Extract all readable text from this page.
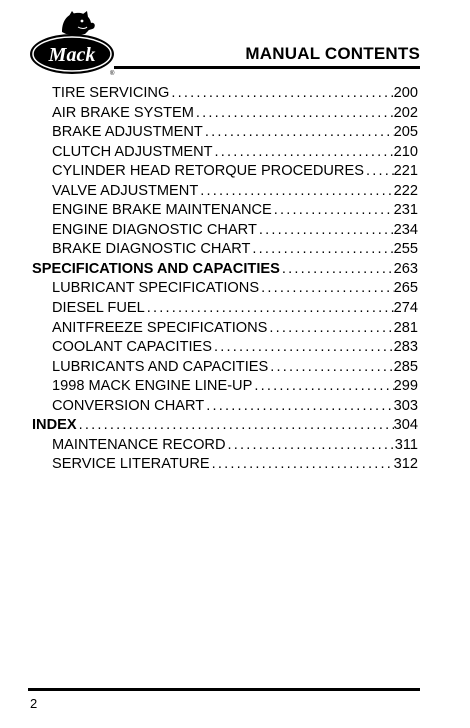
Mack
®
MANUAL CONTENTS
TIRE SERVICING .....	200
AIR BRAKE SYSTEM .....	202
BRAKE ADJUSTMENT .....	205
CLUTCH ADJUSTMENT .....	210
CYLINDER HEAD RETORQUE PROCEDURES ..... 221
VALVE ADJUSTMENT .....	222
ENGINE BRAKE MAINTENANCE .....	231
ENGINE DIAGNOSTIC CHART .....	234
BRAKE DIAGNOSTIC CHART .....	255
SPECIFICATIONS AND CAPACITIES .....	263
LUBRICANT SPECIFICATIONS .....	265
DIESEL FUEL .....	274
ANITFREEZE SPECIFICATIONS .....	281
COOLANT CAPACITIES .....	283
LUBRICANTS AND CAPACITIES .....	285
1998 MACK ENGINE LINE-UP .....	299
CONVERSION CHART .....	303
INDEX .....	304
MAINTENANCE RECORD .....	311
SERVICE LITERATURE .....	312
2
